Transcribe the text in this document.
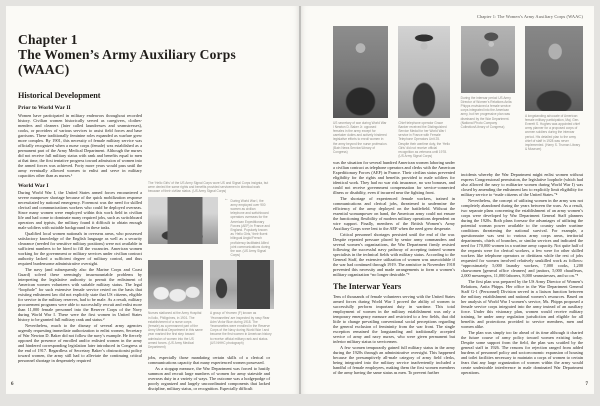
Chapter 1
The Women’s Army Auxiliary Corps (WAAC)
Historical Development
Prior to World War II

Women have participated in military endeavors throughout recorded history. Civilian women historically served as caregivers, clothes-menders and cleaners (later called laundresses and seamstresses), cooks, or providers of various services to assist field forces and base garrisons. These traditionally feminine roles expanded as warfare grew more complex. By 1901, this necessity of female military service was officially recognized when a nurse corps (female) was established as a permanent part of the Army Medical Department. Although the nurses did not receive full military status with rank and benefits equal to men at that time, the first tentative progress toward admission of women into the armed forces was achieved. Forty more years would pass until the army eventually allowed women to enlist and serve in military capacities other than as nurses.¹

World War I

During World War I, the United States armed forces encountered a severe manpower shortage because of the quick mobilization response necessitated by national emergency. Foremost was the need for skilled clerical and communications workers who could be deployed overseas. Since many women were employed within this work field in civilian life and had come to dominate many required jobs, such as switchboard operators and typists, the military found it difficult to obtain enough male soldiers with suitable background in these tasks.

Qualified local women nationals in overseas areas, who possessed satisfactory knowledge of the English language as well as a security clearance (needed for sensitive military positions) were not available in sufficient numbers to be hired to fill the vacancies. American women working for the government or military services under civilian contract authority lacked a sufficient degree of military control, and thus required burdensome administrative oversight.

The navy (and subsequently also the Marine Corps and Coast Guard) solved these seemingly insurmountable problems by interpreting the legislative authority to permit the enlistment of American women volunteers with suitable military status. The legal “loophole” for such extensive female service rested on the basis that existing enlistment law did not explicitly state that US citizens, eligible for service in the military reserves, had to be male. As a result, military procurement programs were able to successfully recruit and enlist more than 11,000 female personnel into the Reserve Corps of the Navy during World War I. These were the first women in United States history to be granted full military rank and status.²

Nevertheless, much to the dismay of several army agencies urgently requesting immediate authorization to enlist women, Secretary of War Newton D. Baker did not follow the navy’s example. He fiercely opposed the presence of enrolled and/or enlisted women in the army and hindered corresponding legislation later introduced in Congress at the end of 1917. Regardless of Secretary Baker’s obstructionist policy toward women, the army still had to alleviate the continuing critical personnel shortage in desperately required

The ‘Hello Girls’ of the US Army Signal Corps wore US and Signal Corps insignia, but were denied the same rights and benefits provided servicemen in identical work because of their civilian status. (US Army Signal Corps)
← During World War I, the army employed over 900 women as civilian telephone and switchboard operators overseas for the American Expeditionary Forces (AEF) in France and England. Popularly known as ‘Hello Girls,’ their fluent bilingual Anglo/French proficiency facilitated Allied joint communications during the war. (US Army Signal Corps)
Nurses stationed at the Army Hospital in Iloilo, Philippines, in 1901. The establishment of a nurse corps (female) as a permanent part of the Army Medical Department in this same year marked the first step toward admission of women into the US armed forces. (US Army Medical Department)
A group of Yeomen (F) known as ‘Yeomanettes’ are inspected by navy Rear Adm Victor Blue during 1918. The Yeomanettes were enrolled in the Reserve Corps of the Navy during World War I and became the first women in American history to receive official military rank and status. (US NHHC photograph)

jobs, especially those mandating certain skills of a clerical or communications capacity that many experienced women possessed.

As a stopgap measure, the War Department was forced to hastily summon and recruit large numbers of women for army stateside and overseas duty in a variety of ways. The outcome was a hodgepodge of poorly organized and largely uncoordinated components that lacked discipline, military status, or recognition. Especially difficult

6
Chapter 1: The Women’s Army Auxiliary Corps (WAAC)
US secretary of war during World War I Newton D. Baker Jr. opposed females in the army except for caretaker duties and actively hindered legislative efforts to enroll women in the army beyond the nurse profession. (Bain News Service/Library of Congress)
Chief telephone operator Grace Banker received the Distinguished Service Medal for her World War I service in France with Female Telephone Operators Unit 25. Despite their wartime duty, the ‘Hello Girls’ did not receive official recognition as veterans until 1978. (US Army Signal Corps)
During the interwar period US Army Director of Women’s Relations Anita Phipps envisioned a female service corps integrated into the American army, but her progressive plan was dismissed by the War Department. (National Photo Company Collection/Library of Congress)
A longstanding advocate of American female military participation, Maj. Gen. Everett S. Hughes was appointed chief army planner for a proposed corps of women soldiers during the interwar period. His detailed plan to the army chief of staff in 1928 was never implemented. (Harry S. Truman Library & Museum)

was the situation for several hundred American women laboring under a civilian contract as telephone operators and clerks with the American Expeditionary Forces (AEF) in France. Their civilian status prevented eligibility for the rights and benefits provided to male soldiers for identical work. They had no war risk insurance, no war bonuses, and could not receive government compensation for service-connected illness or disability, even if incurred near the fighting front.

The shortage of experienced female workers, trained in communications and clerical jobs, threatened to undermine the efficiency of the army deployed on the battlefield. Without the essential womanpower on hand, the American army could not ensure the functioning flexibility of modern military operations dependent on wire support. Finally, members of the British Women’s Army Auxiliary Corps were lent to the AEF when the need grew desperate.

Critical personnel shortages persisted until the end of the war. Despite repeated pressure placed by senior army commanders and several women’s organizations, the War Department firmly resisted following the successful navy pathway of accepting trained women specialists in the technical fields with military status. According to the General Staff, the extensive utilization of women was unavoidable if the war had continued through 1919. The armistice in November 1918 prevented this necessity and made arrangements to form a women’s military organization “no longer desirable.”³

The Interwar Years

Tens of thousands of female volunteers serving with the United States armed forces during World War I proved the ability of women to successfully perform important duty in wartime. This total employment of women in the military establishment was only a temporary emergency measure and restricted to a few fields, that did little to change prevailing conventional social perceptions regarding the general exclusion of femininity from the war front. The single exception remained the longstanding and traditionally accepted service of army and navy nurses, who were given permanent but inferior military status to servicemen.

A few women temporarily gained full military status in the army during the 1920s through an administrative oversight. This happened because the presumptively all-male category of army field clerks, being integrated into the military service inadvertently included a handful of female employees, making them the first women members of the army having the same status as men. To prevent further

incidents whereby the War Department might enlist women without express Congressional permission, the legislative loophole (which had also allowed the navy to militarize women during World War I) was closed by amending the enlistment law to explicitly limit eligibility for military service to “male citizens of the United States.”⁴

Nevertheless, the concept of utilizing women in the army was not completely abandoned during the years between the wars. As a result, two separate plans concerning the establishment of an army women’s corps were developed by War Department General Staff planners during the 1920s. Both plans foresaw the advantages of utilizing the potential woman power available to the country under wartime conditions threatening the national survival. For example, a questionnaire was sent to various army corps areas, territorial departments, chiefs of branches, or similar services and indicated the need for 170,000 women in a wartime army capacity. Not quite half of the requests were for clerical workers, a few were for other skilled workers like telephone operators or dietitians while the rest of jobs requested for women involved relatively unskilled work as follows: “approximately 5,000 laundry workers, 7,000 cooks, 1,200 charwomen [general office cleaners] and janitors, 5,000 chauffeurs, 2,000 messengers, 11,000 laborers, 8,000 seamstresses, and so on.”⁵

The first plan was prepared by the US Army Director of Women’s Relations, Anita Phipps. Her office in the War Department General Staff G-1 (Personnel) Division served in a liaison function between the military establishment and national women’s resources. Based on her analysis of World War I women’s service, Ms. Phipps proposed a female service corps integrated into the army instead of an auxiliary force. Under this visionary plan, women would receive military training, be under army regulation jurisdiction and eligible for all benefits and protections provided to service members, men and women alike.

The plan was simply too far ahead of its time although it charted the future course of army policy toward women existing today. Despite some support from the field, the plan was scuttled by the general staff in 1926. The reasons for rejection ranged from added burdens of personnel policy and socioeconomic expansion of housing and toilet facilities necessary to maintain a corps of women to certain fears that any large organization of women within the army would create undesirable interference in male dominated War Department operations.

7
